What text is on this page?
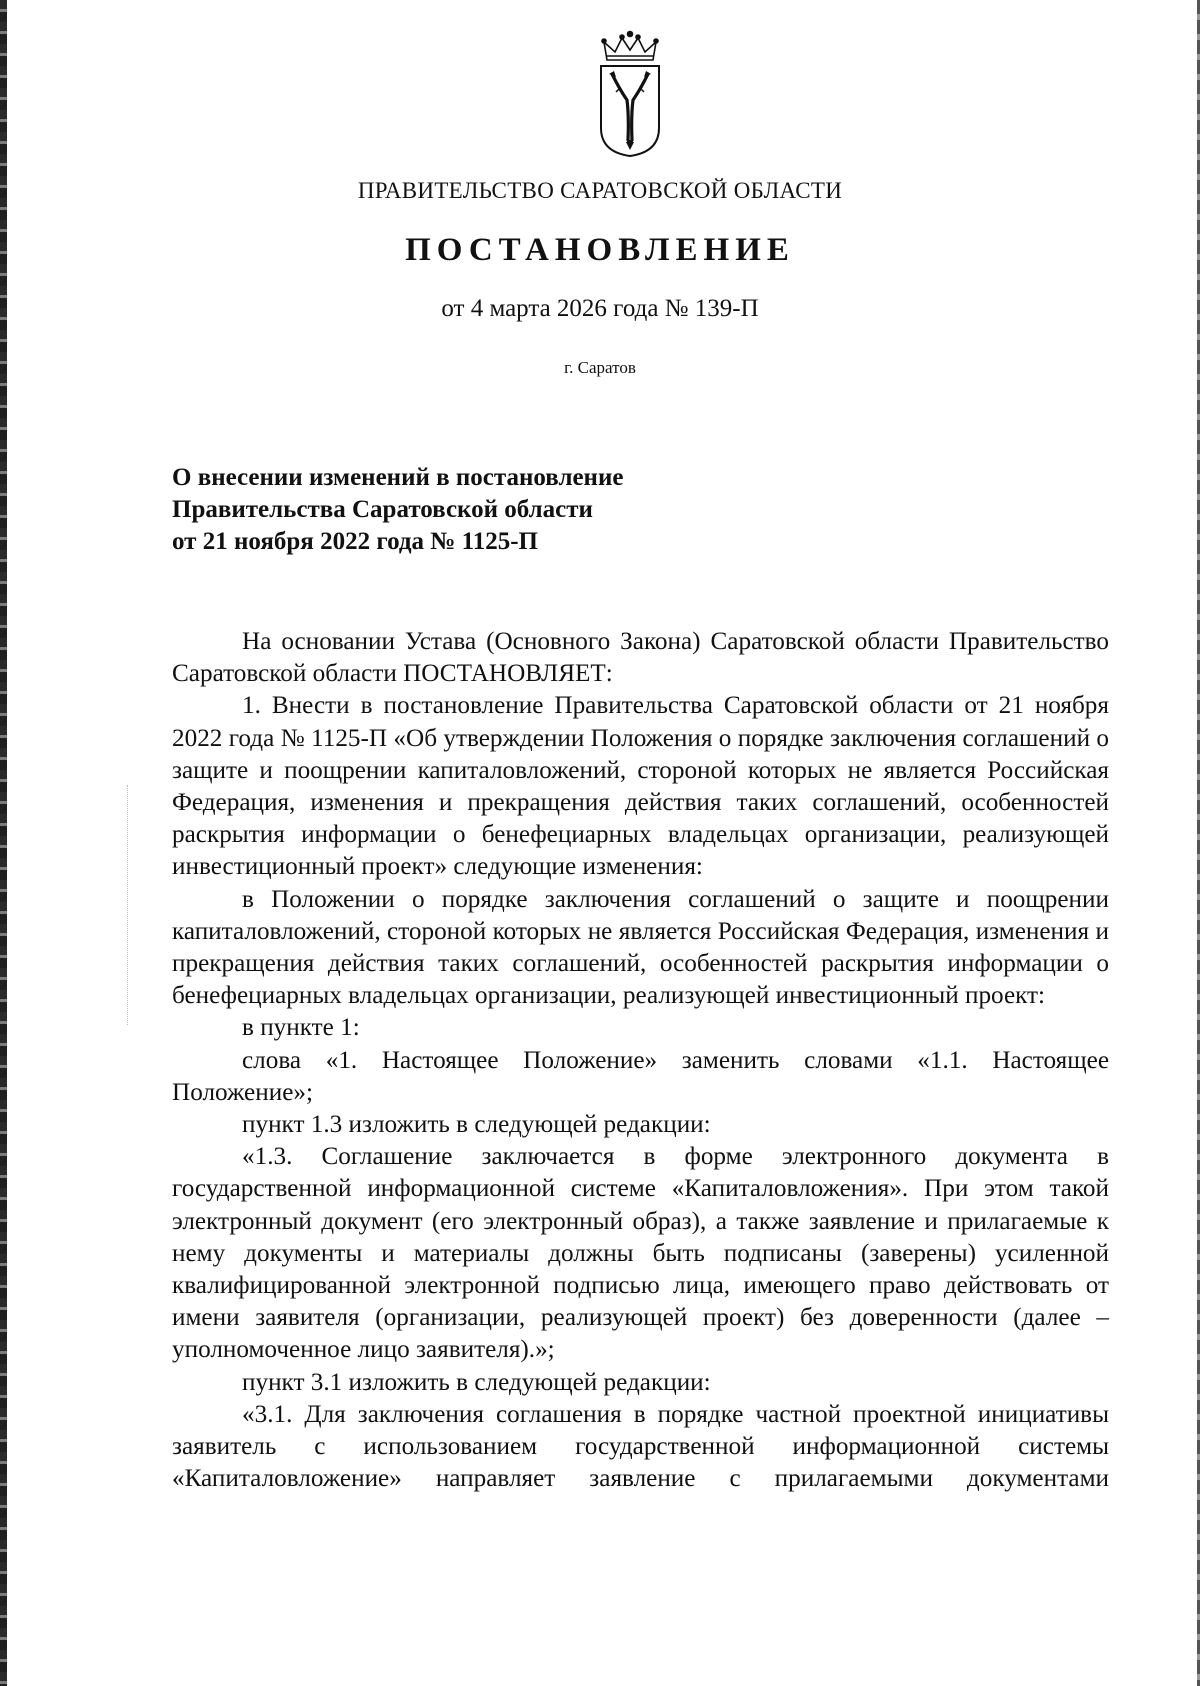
ПРАВИТЕЛЬСТВО САРАТОВСКОЙ ОБЛАСТИ
ПОСТАНОВЛЕНИЕ
от 4 марта 2026 года № 139-П
г. Саратов
О внесении изменений в постановление
Правительства Саратовской области
от 21 ноября 2022 года № 1125-П

На основании Устава (Основного Закона) Саратовской области Правительство Саратовской области ПОСТАНОВЛЯЕТ:

1. Внести в постановление Правительства Саратовской области от 21 ноября 2022 года № 1125-П «Об утверждении Положения о порядке заключения соглашений о защите и поощрении капиталовложений, стороной которых не является Российская Федерация, изменения и прекращения действия таких соглашений, особенностей раскрытия информации о бенефециарных владельцах организации, реализующей инвестиционный проект» следующие изменения:

в Положении о порядке заключения соглашений о защите и поощрении капиталовложений, стороной которых не является Российская Федерация, изменения и прекращения действия таких соглашений, особенностей раскрытия информации о бенефециарных владельцах организации, реализующей инвестиционный проект:

в пункте 1:

слова «1. Настоящее Положение» заменить словами «1.1. Настоящее Положение»;

пункт 1.3 изложить в следующей редакции:

«1.3. Соглашение заключается в форме электронного документа в государственной информационной системе «Капиталовложения». При этом такой электронный документ (его электронный образ), а также заявление и прилагаемые к нему документы и материалы должны быть подписаны (заверены) усиленной квалифицированной электронной подписью лица, имеющего право действовать от имени заявителя (организации, реализующей проект) без доверенности (далее – уполномоченное лицо заявителя).»;

пункт 3.1 изложить в следующей редакции:

«3.1. Для заключения соглашения в порядке частной проектной инициативы заявитель с использованием государственной информационной системы «Капиталовложение» направляет заявление с прилагаемыми документами
